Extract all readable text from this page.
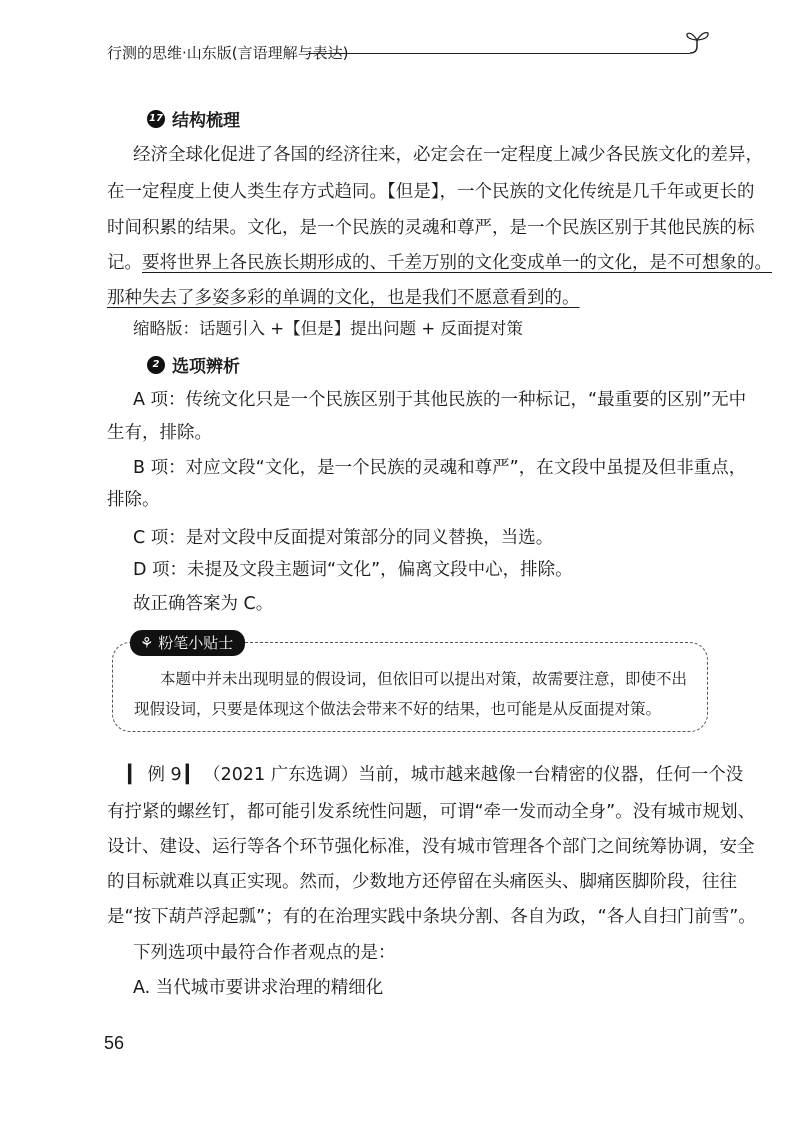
行测的思维·山东版(言语理解与表达)
17 结构梳理
经济全球化促进了各国的经济往来，必定会在一定程度上减少各民族文化的差异，
在一定程度上使人类生存方式趋同。【但是】，一个民族的文化传统是几千年或更长的
时间积累的结果。文化，是一个民族的灵魂和尊严，是一个民族区别于其他民族的标
记。 要将世界上各民族长期形成的、千差万别的文化变成单一的文化，是不可想象的。
那种失去了多姿多彩的单调的文化，也是我们不愿意看到的。
缩略版：话题引入 +【但是】提出问题 + 反面提对策
2 选项辨析
A 项：传统文化只是一个民族区别于其他民族的一种标记，“最重要的区别”无中
生有，排除。
B 项：对应文段“文化，是一个民族的灵魂和尊严”，在文段中虽提及但非重点，
排除。
C 项：是对文段中反面提对策部分的同义替换，当选。
D 项：未提及文段主题词“文化”，偏离文段中心，排除。
故正确答案为 C。
⚘ 粉笔小贴士
本题中并未出现明显的假设词，但依旧可以提出对策，故需要注意，即使不出
现假设词，只要是体现这个做法会带来不好的结果，也可能是从反面提对策。
▎ 例 9 ▎ （2021 广东选调）当前，城市越来越像一台精密的仪器，任何一个没
有拧紧的螺丝钉，都可能引发系统性问题，可谓“牵一发而动全身”。没有城市规划、
设计、建设、运行等各个环节强化标准，没有城市管理各个部门之间统筹协调，安全
的目标就难以真正实现。然而，少数地方还停留在头痛医头、脚痛医脚阶段，往往
是“按下葫芦浮起瓢”；有的在治理实践中条块分割、各自为政，“各人自扫门前雪”。
下列选项中最符合作者观点的是：
A. 当代城市要讲求治理的精细化
56
